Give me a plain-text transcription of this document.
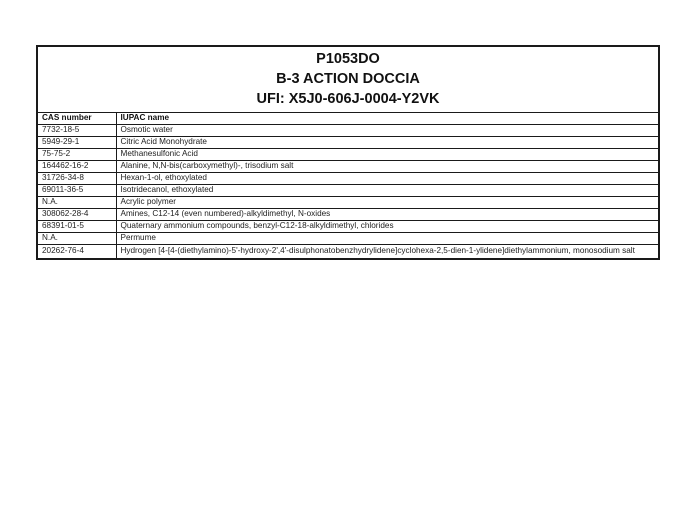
P1053DO
B-3 ACTION DOCCIA
UFI: X5J0-606J-0004-Y2VK
CAS number	IUPAC name
7732-18-5	Osmotic water
5949-29-1	Citric Acid Monohydrate
75-75-2	Methanesulfonic Acid
164462-16-2	Alanine, N,N-bis(carboxymethyl)-, trisodium salt
31726-34-8	Hexan-1-ol, ethoxylated
69011-36-5	Isotridecanol, ethoxylated
N.A.	Acrylic polymer
308062-28-4	Amines, C12-14 (even numbered)-alkyldimethyl, N-oxides
68391-01-5	Quaternary ammonium compounds, benzyl-C12-18-alkyldimethyl, chlorides
N.A.	Permume
20262-76-4	Hydrogen [4-[4-(diethylamino)-5'-hydroxy-2',4'-disulphonatobenzhydrylidene]cyclohexa-2,5-dien-1-ylidene]diethylammonium, monosodium salt
